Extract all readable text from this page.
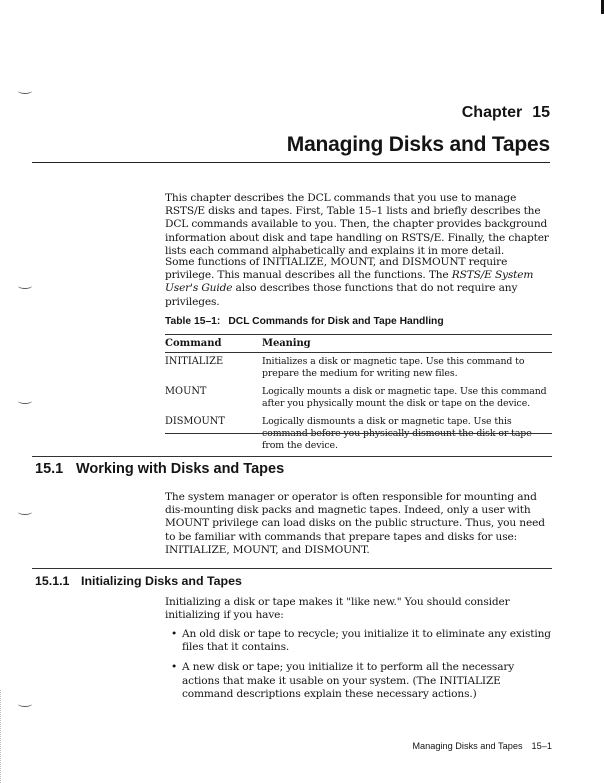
Chapter 15
Managing Disks and Tapes
This chapter describes the DCL commands that you use to manage RSTS/E disks and tapes. First, Table 15–1 lists and briefly describes the DCL commands available to you. Then, the chapter provides background information about disk and tape handling on RSTS/E. Finally, the chapter lists each command alphabetically and explains it in more detail.
Some functions of INITIALIZE, MOUNT, and DISMOUNT require privilege. This manual describes all the functions. The RSTS/E System User's Guide also describes those functions that do not require any privileges.
Table 15–1: DCL Commands for Disk and Tape Handling
Command	Meaning
INITIALIZE	Initializes a disk or magnetic tape. Use this command to prepare the medium for writing new files.
MOUNT	Logically mounts a disk or magnetic tape. Use this command after you physically mount the disk or tape on the device.
DISMOUNT	Logically dismounts a disk or magnetic tape. Use this command before you physically dismount the disk or tape from the device.
15.1 Working with Disks and Tapes
The system manager or operator is often responsible for mounting and dis-mounting disk packs and magnetic tapes. Indeed, only a user with MOUNT privilege can load disks on the public structure. Thus, you need to be familiar with commands that prepare tapes and disks for use: INITIALIZE, MOUNT, and DISMOUNT.
15.1.1 Initializing Disks and Tapes
Initializing a disk or tape makes it "like new." You should consider initializing if you have:
• An old disk or tape to recycle; you initialize it to eliminate any existing files that it contains.
• A new disk or tape; you initialize it to perform all the necessary actions that make it usable on your system. (The INITIALIZE command descriptions explain these necessary actions.)
Managing Disks and Tapes 15–1
